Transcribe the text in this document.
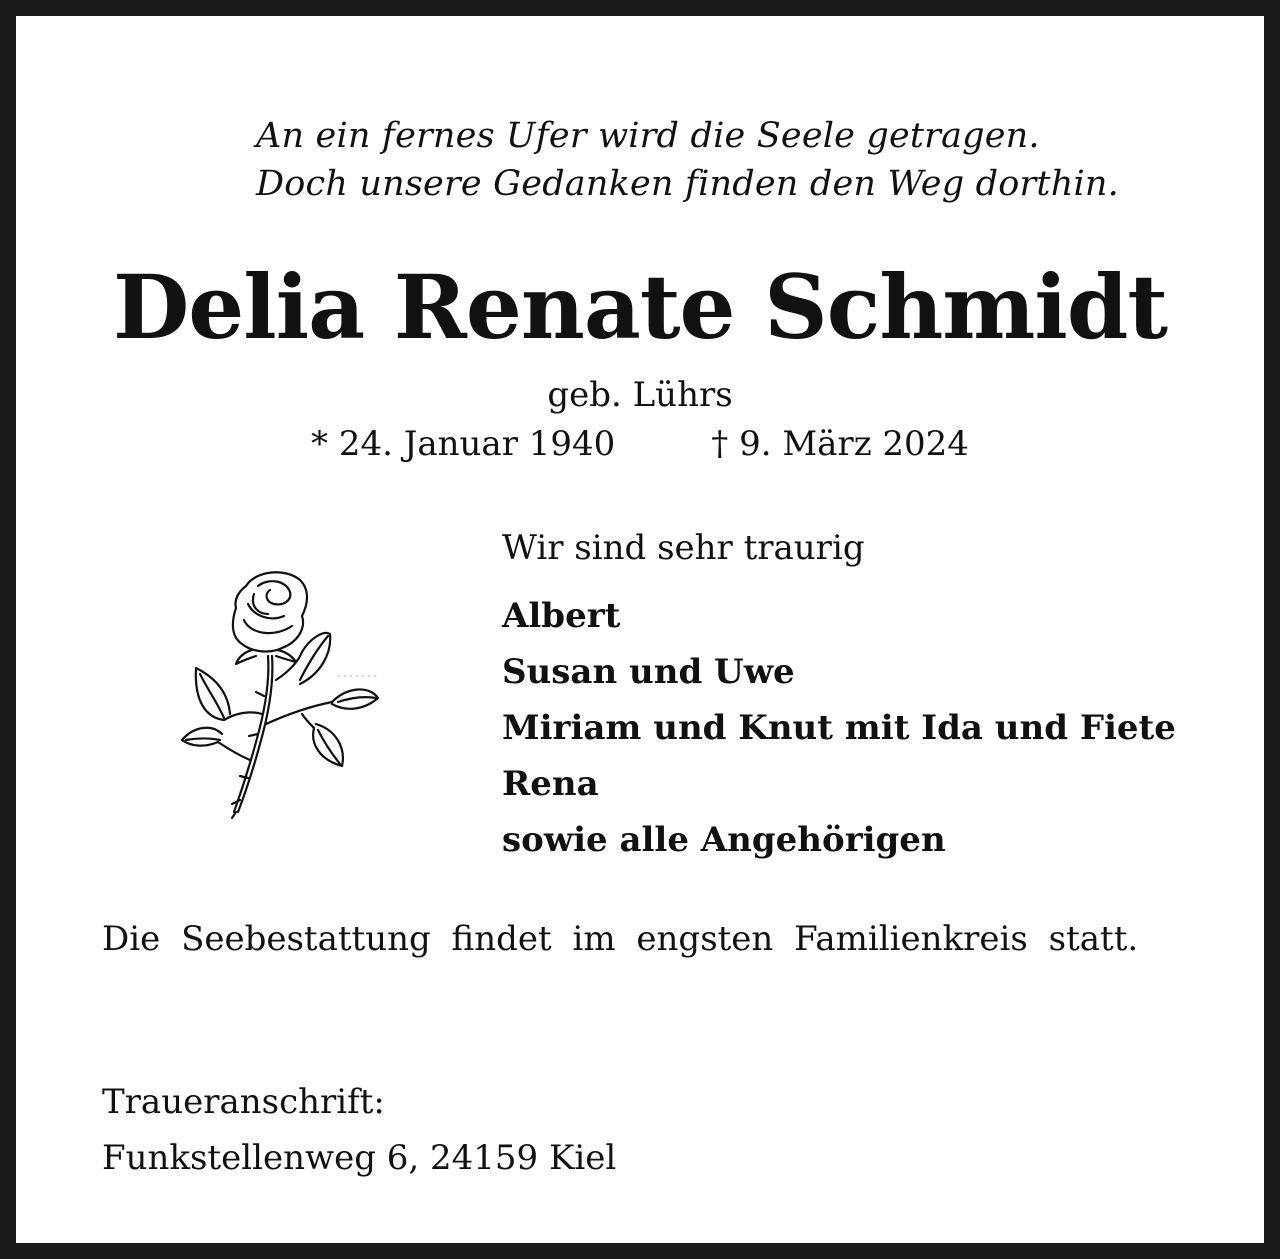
An ein fernes Ufer wird die Seele getragen.
Doch unsere Gedanken finden den Weg dorthin.
Delia Renate Schmidt
geb. Lührs
* 24. Januar 1940	† 9. März 2024
Wir sind sehr traurig
Albert
Susan und Uwe
Miriam und Knut mit Ida und Fiete
Rena
sowie alle Angehörigen
Die Seebestattung findet im engsten Familienkreis statt.
Traueranschrift:
Funkstellenweg 6, 24159 Kiel
